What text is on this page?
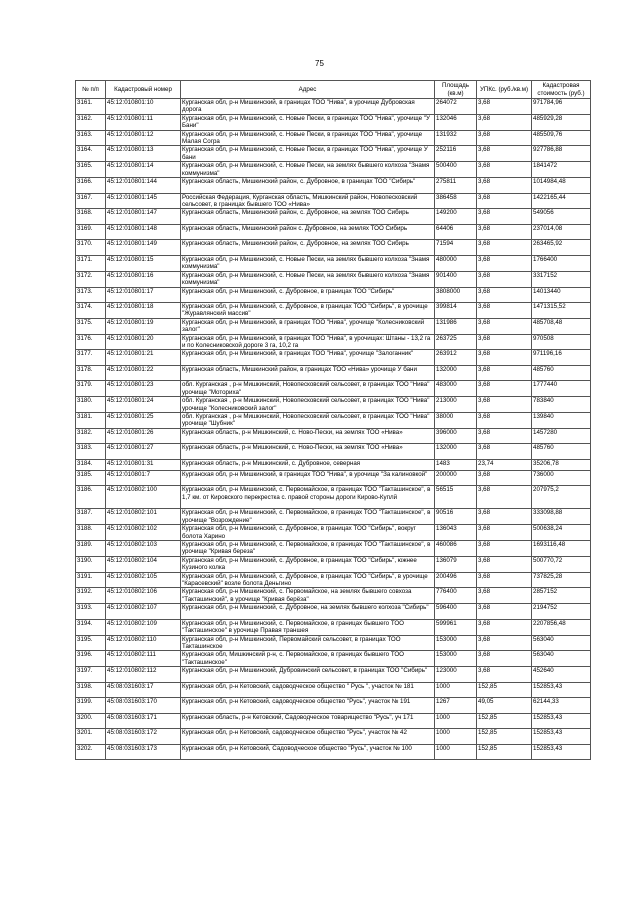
75
№ п/п	Кадастровый номер	Адрес	Площадь (кв.м)	УПКс. (руб./кв.м)	Кадастровая стоимость (руб.)
3161.	45:12:010801:10	Курганская обл, р-н Мишкинский, в границах ТОО "Нива", в урочище Дубровская дорога	264072	3,68	971784,96
3162.	45:12:010801:11	Курганская обл, р-н Мишкинский, с. Новые Пески, в границах ТОО "Нива", урочище "У Бани"	132046	3,68	485929,28
3163.	45:12:010801:12	Курганская обл, р-н Мишкинский, с. Новые Пески, в границах ТОО "Нива", урочище Малая Согра	131932	3,68	485509,76
3164.	45:12:010801:13	Курганская обл, р-н Мишкинский, с. Новые Пески, в границах ТОО "Нива", урочище У бани	252116	3,68	927786,88
3165.	45:12:010801:14	Курганская обл, р-н Мишкинский, с. Новые Пески, на землях бывшего колхоза "Знамя коммунизма"	500400	3,68	1841472
3166.	45:12:010801:144	Курганская область, Мишкинский район, с. Дубровное, в границах ТОО "Сибирь"	275811	3,68	1014984,48
3167.	45:12:010801:145	Российская Федерация, Курганская область, Мишкинский район, Новопесковский сельсовет, в границах бывшего ТОО «Нива»	386458	3,68	1422165,44
3168.	45:12:010801:147	Курганская область, Мишкинский район, с. Дубровное, на землях ТОО Сибирь	149200	3,68	549056
3169.	45:12:010801:148	Курганская область, Мишкинский район с. Дубровное, на землях ТОО Сибирь	64406	3,68	237014,08
3170.	45:12:010801:149	Курганская область, Мишкинский район, с. Дубровное, на землях ТОО Сибирь	71594	3,68	263465,92
3171.	45:12:010801:15	Курганская обл, р-н Мишкинский, с. Новые Пески, на землях бывшего колхоза "Знамя коммунизма"	480000	3,68	1766400
3172.	45:12:010801:16	Курганская обл, р-н Мишкинский, с. Новые Пески, на землях бывшего колхоза "Знамя коммунизма"	901400	3,68	3317152
3173.	45:12:010801:17	Курганская обл, р-н Мишкинский, с. Дубровное, в границах ТОО "Сибирь"	3808000	3,68	14013440
3174.	45:12:010801:18	Курганская обл, р-н Мишкинский, с. Дубровное, в границах ТОО "Сибирь", в урочище "Журавлянский массив"	399814	3,68	1471315,52
3175.	45:12:010801:19	Курганская обл, р-н Мишкинский, в границах ТОО "Нива", урочище "Колесниковский залог"	131986	3,68	485708,48
3176.	45:12:010801:20	Курганская обл, р-н Мишкинский, в границах ТОО "Нива", в урочищах: Штаны - 13,2 га и по Колесниковской дороге 3 га, 10,2 га	263725	3,68	970508
3177.	45:12:010801:21	Курганская обл, р-н Мишкинский, в границах ТОО "Нива", урочище "Залоганник"	263912	3,68	971196,16
3178.	45:12:010801:22	Курганская область, Мишкинский район, в границах ТОО «Нива» урочище У бани	132000	3,68	485760
3179.	45:12:010801:23	обл. Курганская , р-н Мишкинский, Новопесковский сельсовет, в границах ТОО "Нива" урочище "Моториха"	483000	3,68	1777440
3180.	45:12:010801:24	обл. Курганская , р-н Мишкинский, Новопесковский сельсовет, в границах ТОО "Нива" урочище "Колесниковский залог"	213000	3,68	783840
3181.	45:12:010801:25	обл. Курганская , р-н Мишкинский, Новопесковский сельсовет, в границах ТОО "Нива" урочище "Шубник"	38000	3,68	139840
3182.	45:12:010801:26	Курганская область, р-н Мишкинский, с. Ново-Пески, на землях ТОО «Нива»	396000	3,68	1457280
3183.	45:12:010801:27	Курганская область, р-н Мишкинский, с. Ново-Пески, на землях ТОО «Нива»	132000	3,68	485760
3184.	45:12:010801:31	Курганская область, р-н Мишкинский, с. Дубровное, северная	1483	23,74	35206,78
3185.	45:12:010801:7	Курганская обл, р-н Мишкинский, в границах ТОО "Нива", в урочище "За калиновкой"	200000	3,68	736000
3186.	45:12:010802:100	Курганская обл, р-н Мишкинский, с. Первомайское, в границах ТОО "Такташинское", в 1,7 км. от Кировского перекрестка с. правой стороны дороги Кирово-Куплй	56515	3,68	207975,2
3187.	45:12:010802:101	Курганская обл, р-н Мишкинский, с. Первомайское, в границах ТОО "Такташинское", в урочище "Возрождение"	90516	3,68	333098,88
3188.	45:12:010802:102	Курганская обл, р-н Мишкинский, с. Дубровное, в границах ТОО "Сибирь", вокруг болота Харино	136043	3,68	500638,24
3189.	45:12:010802:103	Курганская обл, р-н Мишкинский, с. Первомайское, в границах ТОО "Такташинское", в урочище "Кривая береза"	460086	3,68	1693116,48
3190.	45:12:010802:104	Курганская обл, р-н Мишкинский, с. Дубровное, в границах ТОО "Сибирь", южнее Кузиного колка	136079	3,68	500770,72
3191.	45:12:010802:105	Курганская обл, р-н Мишкинский, с. Дубровное, в границах ТОО "Сибирь", в урочище "Карасевский" возле болота Деньгино	200496	3,68	737825,28
3192.	45:12:010802:106	Курганская обл, р-н Мишкинский, с. Первомайское, на землях бывшего совхоза "Такташинский", в урочище "Кривая берёза"	776400	3,68	2857152
3193.	45:12:010802:107	Курганская обл, р-н Мишкинский, с. Дубровное, на землях бывшего колхоза "Сибирь"	596400	3,68	2194752
3194.	45:12:010802:109	Курганская обл, р-н Мишкинский, с. Первомайское, в границах бывшего ТОО "Такташинское" в урочище Правая траншея	599961	3,68	2207856,48
3195.	45:12:010802:110	Курганская обл, р-н Мишкинский, Первомайский сельсовет, в границах ТОО Такташинское	153000	3,68	563040
3196.	45:12:010802:111	Курганская обл, Мишкинский р-н, с. Первомайское, в границах бывшего ТОО "Такташинское"	153000	3,68	563040
3197.	45:12:010802:112	Курганская обл, р-н Мишкинский, Дубровинский сельсовет, в границах ТОО "Сибирь"	123000	3,68	452640
3198.	45:08:031603:17	Курганская обл, р-н Кетовский, садоводческое общество " Русь ", участок № 181	1000	152,85	152853,43
3199.	45:08:031603:170	Курганская обл, р-н Кетовский, садоводческое общество "Русь", участок № 191	1267	49,05	62144,33
3200.	45:08:031603:171	Курганская область, р-н Кетовский, Садоводческое товарищество "Русь", уч 171	1000	152,85	152853,43
3201.	45:08:031603:172	Курганская обл, р-н Кетовский, садоводческое общество "Русь", участок № 42	1000	152,85	152853,43
3202.	45:08:031603:173	Курганская обл, р-н Кетовский, Садоводческое общество "Русь", участок № 100	1000	152,85	152853,43
